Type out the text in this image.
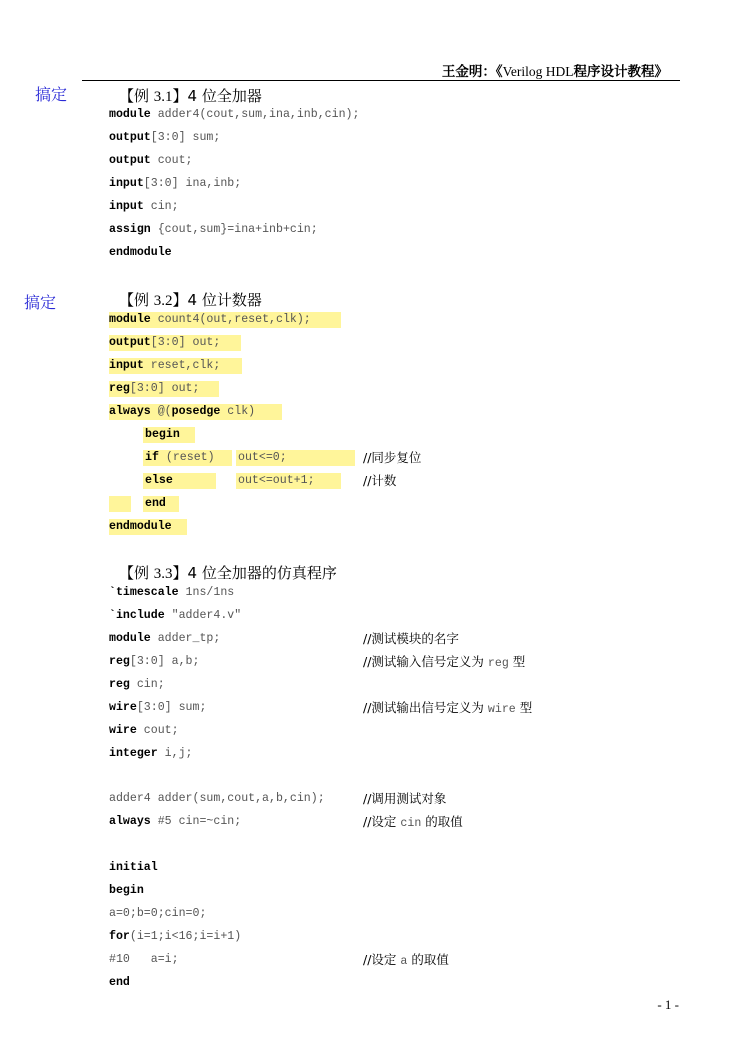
王金明：《Verilog HDL程序设计教程》
搞定
搞定
【例 3.1】4 位全加器
module adder4(cout,sum,ina,inb,cin);
output[3:0] sum;
output cout;
input[3:0] ina,inb;
input cin;
assign {cout,sum}=ina+inb+cin;
endmodule
【例 3.2】4 位计数器
module count4(out,reset,clk);
output[3:0] out;
input reset,clk;
reg[3:0] out;
always @(posedge clk)
begin
if (reset) out<=0;	//同步复位
else	out<=out+1;	//计数
end
endmodule
【例 3.3】4 位全加器的仿真程序
`timescale 1ns/1ns
`include "adder4.v"
module adder_tp;	//测试模块的名字
reg[3:0] a,b;	//测试输入信号定义为 reg 型
reg cin;
wire[3:0] sum;	//测试输出信号定义为 wire 型
wire cout;
integer i,j;
adder4 adder(sum,cout,a,b,cin);	//调用测试对象
always #5 cin=~cin;	//设定 cin 的取值
initial
begin
a=0;b=0;cin=0;
for(i=1;i<16;i=i+1)
#10   a=i;	//设定 a 的取值
end
- 1 -
